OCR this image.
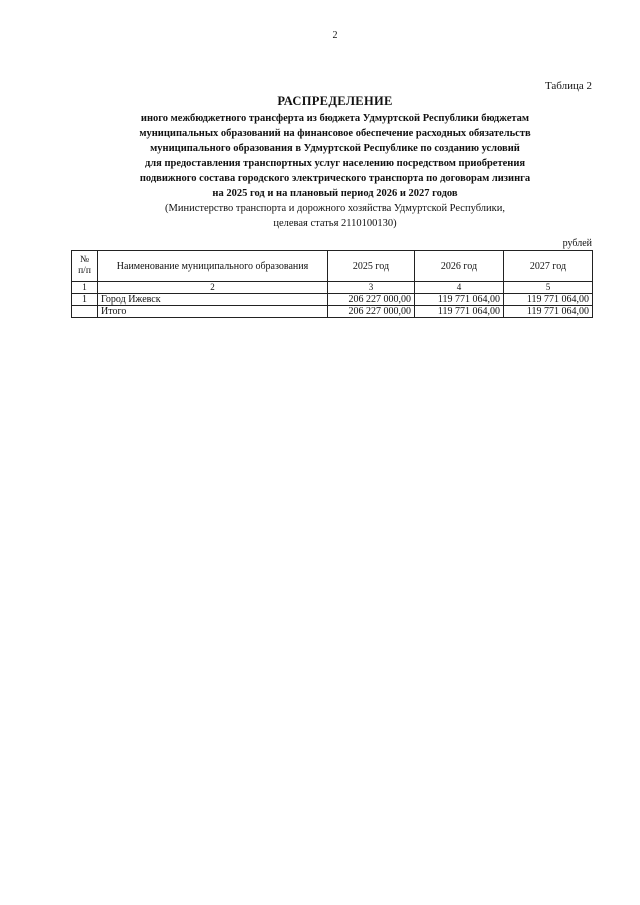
2
Таблица 2
РАСПРЕДЕЛЕНИЕ
иного межбюджетного трансферта из бюджета Удмуртской Республики бюджетам
муниципальных образований на финансовое обеспечение расходных обязательств
муниципального образования в Удмуртской Республике по созданию условий
для предоставления транспортных услуг населению посредством приобретения
подвижного состава городского электрического транспорта по договорам лизинга
на 2025 год и на плановый период 2026 и 2027 годов
(Министерство транспорта и дорожного хозяйства Удмуртской Республики,
целевая статья 2110100130)
рублей
№ п/п	Наименование муниципального образования	2025 год	2026 год	2027 год
1	2	3	4	5
1	Город Ижевск	206 227 000,00	119 771 064,00	119 771 064,00
	Итого	206 227 000,00	119 771 064,00	119 771 064,00
